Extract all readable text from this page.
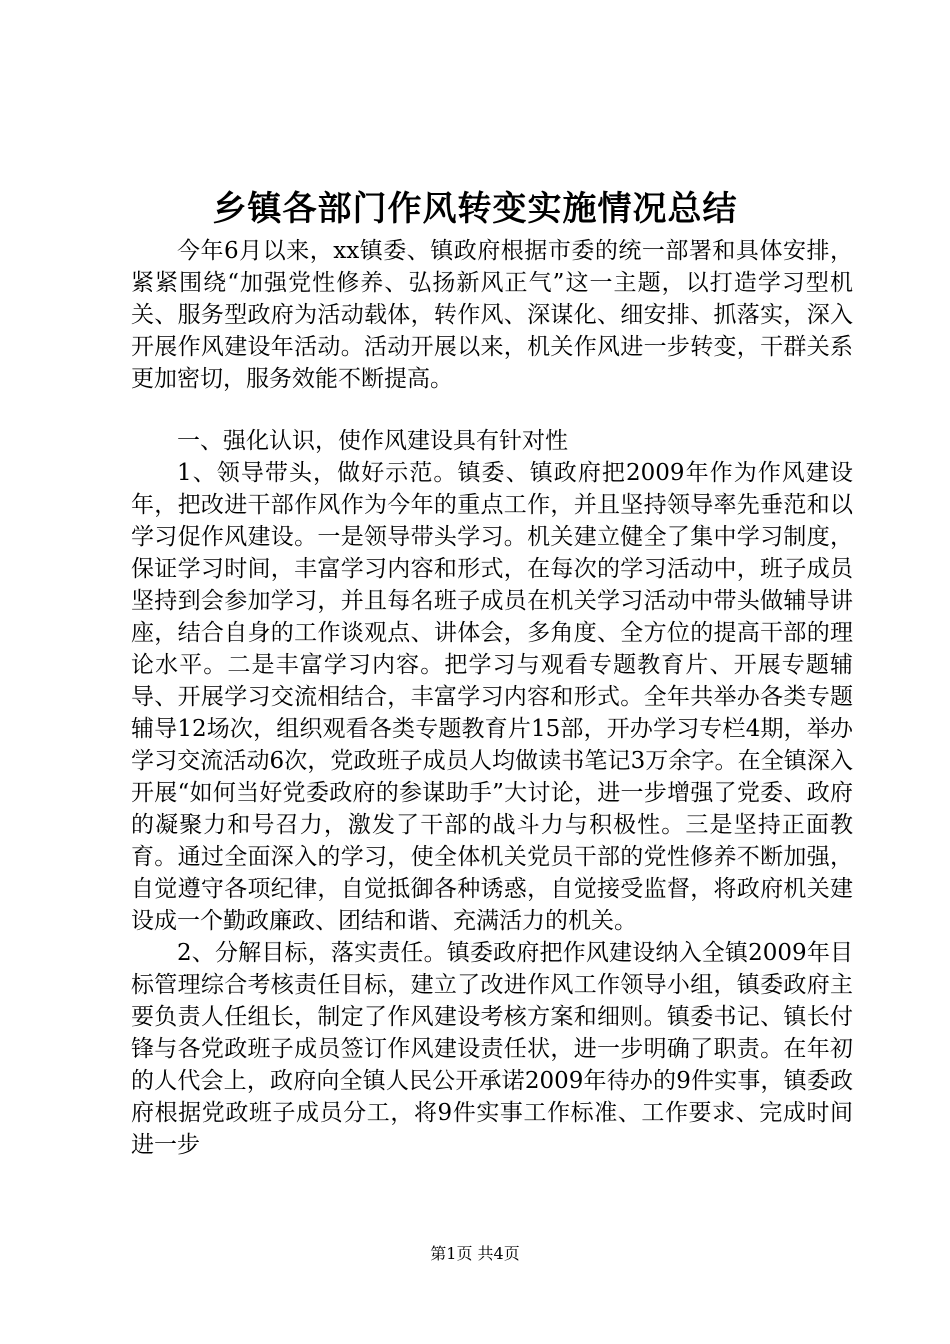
乡镇各部门作风转变实施情况总结

今年6月以来，xx镇委、镇政府根据市委的统一部署和具体安排，紧紧围绕“加强党性修养、弘扬新风正气”这一主题，以打造学习型机关、服务型政府为活动载体，转作风、深谋化、细安排、抓落实，深入开展作风建设年活动。活动开展以来，机关作风进一步转变，干群关系更加密切，服务效能不断提高。

一、强化认识，使作风建设具有针对性

1、领导带头，做好示范。镇委、镇政府把2009年作为作风建设年，把改进干部作风作为今年的重点工作，并且坚持领导率先垂范和以学习促作风建设。一是领导带头学习。机关建立健全了集中学习制度，保证学习时间，丰富学习内容和形式，在每次的学习活动中，班子成员坚持到会参加学习，并且每名班子成员在机关学习活动中带头做辅导讲座，结合自身的工作谈观点、讲体会，多角度、全方位的提高干部的理论水平。二是丰富学习内容。把学习与观看专题教育片、开展专题辅导、开展学习交流相结合，丰富学习内容和形式。全年共举办各类专题辅导12场次，组织观看各类专题教育片15部，开办学习专栏4期，举办学习交流活动6次，党政班子成员人均做读书笔记3万余字。在全镇深入开展“如何当好党委政府的参谋助手”大讨论，进一步增强了党委、政府的凝聚力和号召力，激发了干部的战斗力与积极性。三是坚持正面教育。通过全面深入的学习，使全体机关党员干部的党性修养不断加强，自觉遵守各项纪律，自觉抵御各种诱惑，自觉接受监督，将政府机关建设成一个勤政廉政、团结和谐、充满活力的机关。

2、分解目标，落实责任。镇委政府把作风建设纳入全镇2009年目标管理综合考核责任目标，建立了改进作风工作领导小组，镇委政府主要负责人任组长，制定了作风建设考核方案和细则。镇委书记、镇长付锋与各党政班子成员签订作风建设责任状，进一步明确了职责。在年初的人代会上，政府向全镇人民公开承诺2009年待办的9件实事，镇委政府根据党政班子成员分工，将9件实事工作标准、工作要求、完成时间进一步

第1页 共4页
